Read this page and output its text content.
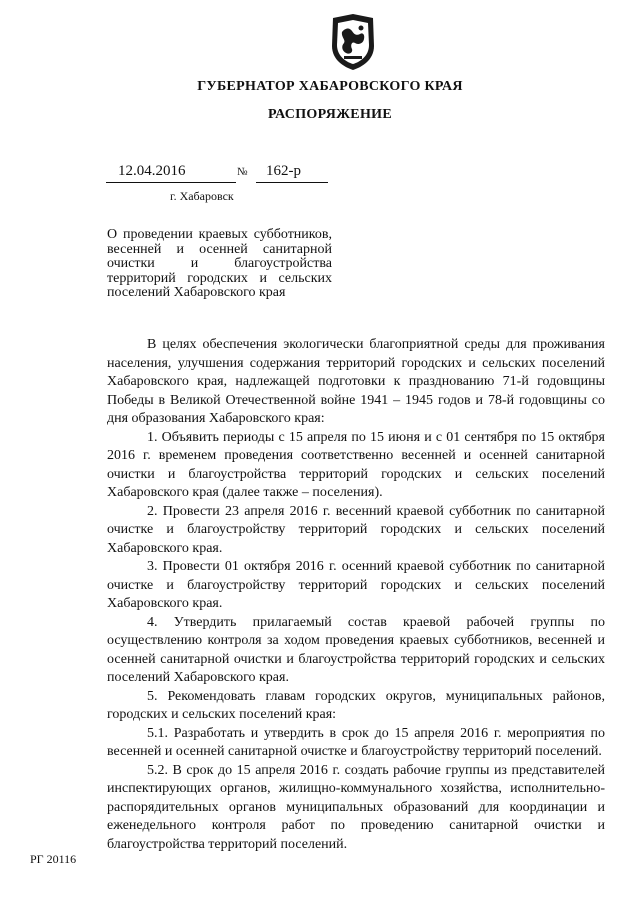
ГУБЕРНАТОР ХАБАРОВСКОГО КРАЯ
РАСПОРЯЖЕНИЕ
12.04.2016	№ 162-р
г. Хабаровск
О проведении краевых субботников, весенней и осенней санитарной очистки и благоустройства территорий городских и сельских поселений Хабаровского края

В целях обеспечения экологически благоприятной среды для проживания населения, улучшения содержания территорий городских и сельских поселений Хабаровского края, надлежащей подготовки к празднованию 71-й годовщины Победы в Великой Отечественной войне 1941 – 1945 годов и 78-й годовщины со дня образования Хабаровского края:

1. Объявить периоды с 15 апреля по 15 июня и с 01 сентября по 15 октября 2016 г. временем проведения соответственно весенней и осенней санитарной очистки и благоустройства территорий городских и сельских поселений Хабаровского края (далее также – поселения).

2. Провести 23 апреля 2016 г. весенний краевой субботник по санитарной очистке и благоустройству территорий городских и сельских поселений Хабаровского края.

3. Провести 01 октября 2016 г. осенний краевой субботник по санитарной очистке и благоустройству территорий городских и сельских поселений Хабаровского края.

4. Утвердить прилагаемый состав краевой рабочей группы по осуществлению контроля за ходом проведения краевых субботников, весенней и осенней санитарной очистки и благоустройства территорий городских и сельских поселений Хабаровского края.

5. Рекомендовать главам городских округов, муниципальных районов, городских и сельских поселений края:

5.1. Разработать и утвердить в срок до 15 апреля 2016 г. мероприятия по весенней и осенней санитарной очистке и благоустройству территорий поселений.

5.2. В срок до 15 апреля 2016 г. создать рабочие группы из представителей инспектирующих органов, жилищно-коммунального хозяйства, исполнительно-распорядительных органов муниципальных образований для координации и еженедельного контроля работ по проведению санитарной очистки и благоустройства территорий поселений.

РГ 20116
